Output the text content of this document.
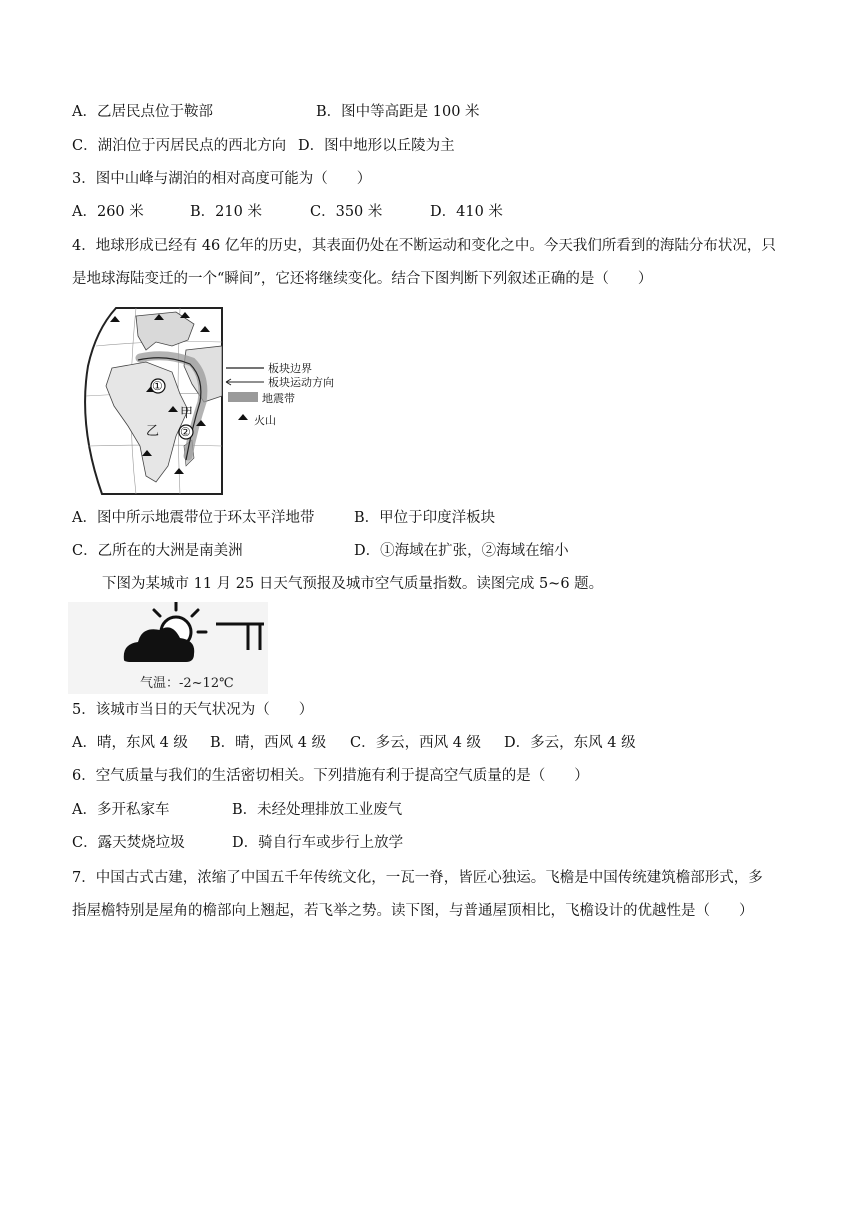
A．乙居民点位于鞍部	B．图中等高距是 100 米
C．湖泊位于丙居民点的西北方向 D．图中地形以丘陵为主
3．图中山峰与湖泊的相对高度可能为（　　）
A．260 米	B．210 米	C．350 米	D．410 米
4．地球形成已经有 46 亿年的历史，其表面仍处在不断运动和变化之中。今天我们所看到的海陆分布状况，只
是地球海陆变迁的一个“瞬间”，它还将继续变化。结合下图判断下列叙述正确的是（　　）
①
②
甲
乙
板块边界
板块运动方向
地震带
火山
A．图中所示地震带位于环太平洋地带	B．甲位于印度洋板块
C．乙所在的大洲是南美洲	D．①海域在扩张，②海域在缩小
下图为某城市 11 月 25 日天气预报及城市空气质量指数。读图完成 5~6 题。
气温：-2~12℃
5．该城市当日的天气状况为（　　）
A．晴，东风 4 级 B．晴，西风 4 级 C．多云，西风 4 级 D．多云，东风 4 级
6．空气质量与我们的生活密切相关。下列措施有利于提高空气质量的是（　　）
A．多开私家车	B．未经处理排放工业废气
C．露天焚烧垃圾	D．骑自行车或步行上放学
7．中国古式古建，浓缩了中国五千年传统文化，一瓦一脊，皆匠心独运。飞檐是中国传统建筑檐部形式，多
指屋檐特别是屋角的檐部向上翘起，若飞举之势。读下图，与普通屋顶相比，飞檐设计的优越性是（　　）
